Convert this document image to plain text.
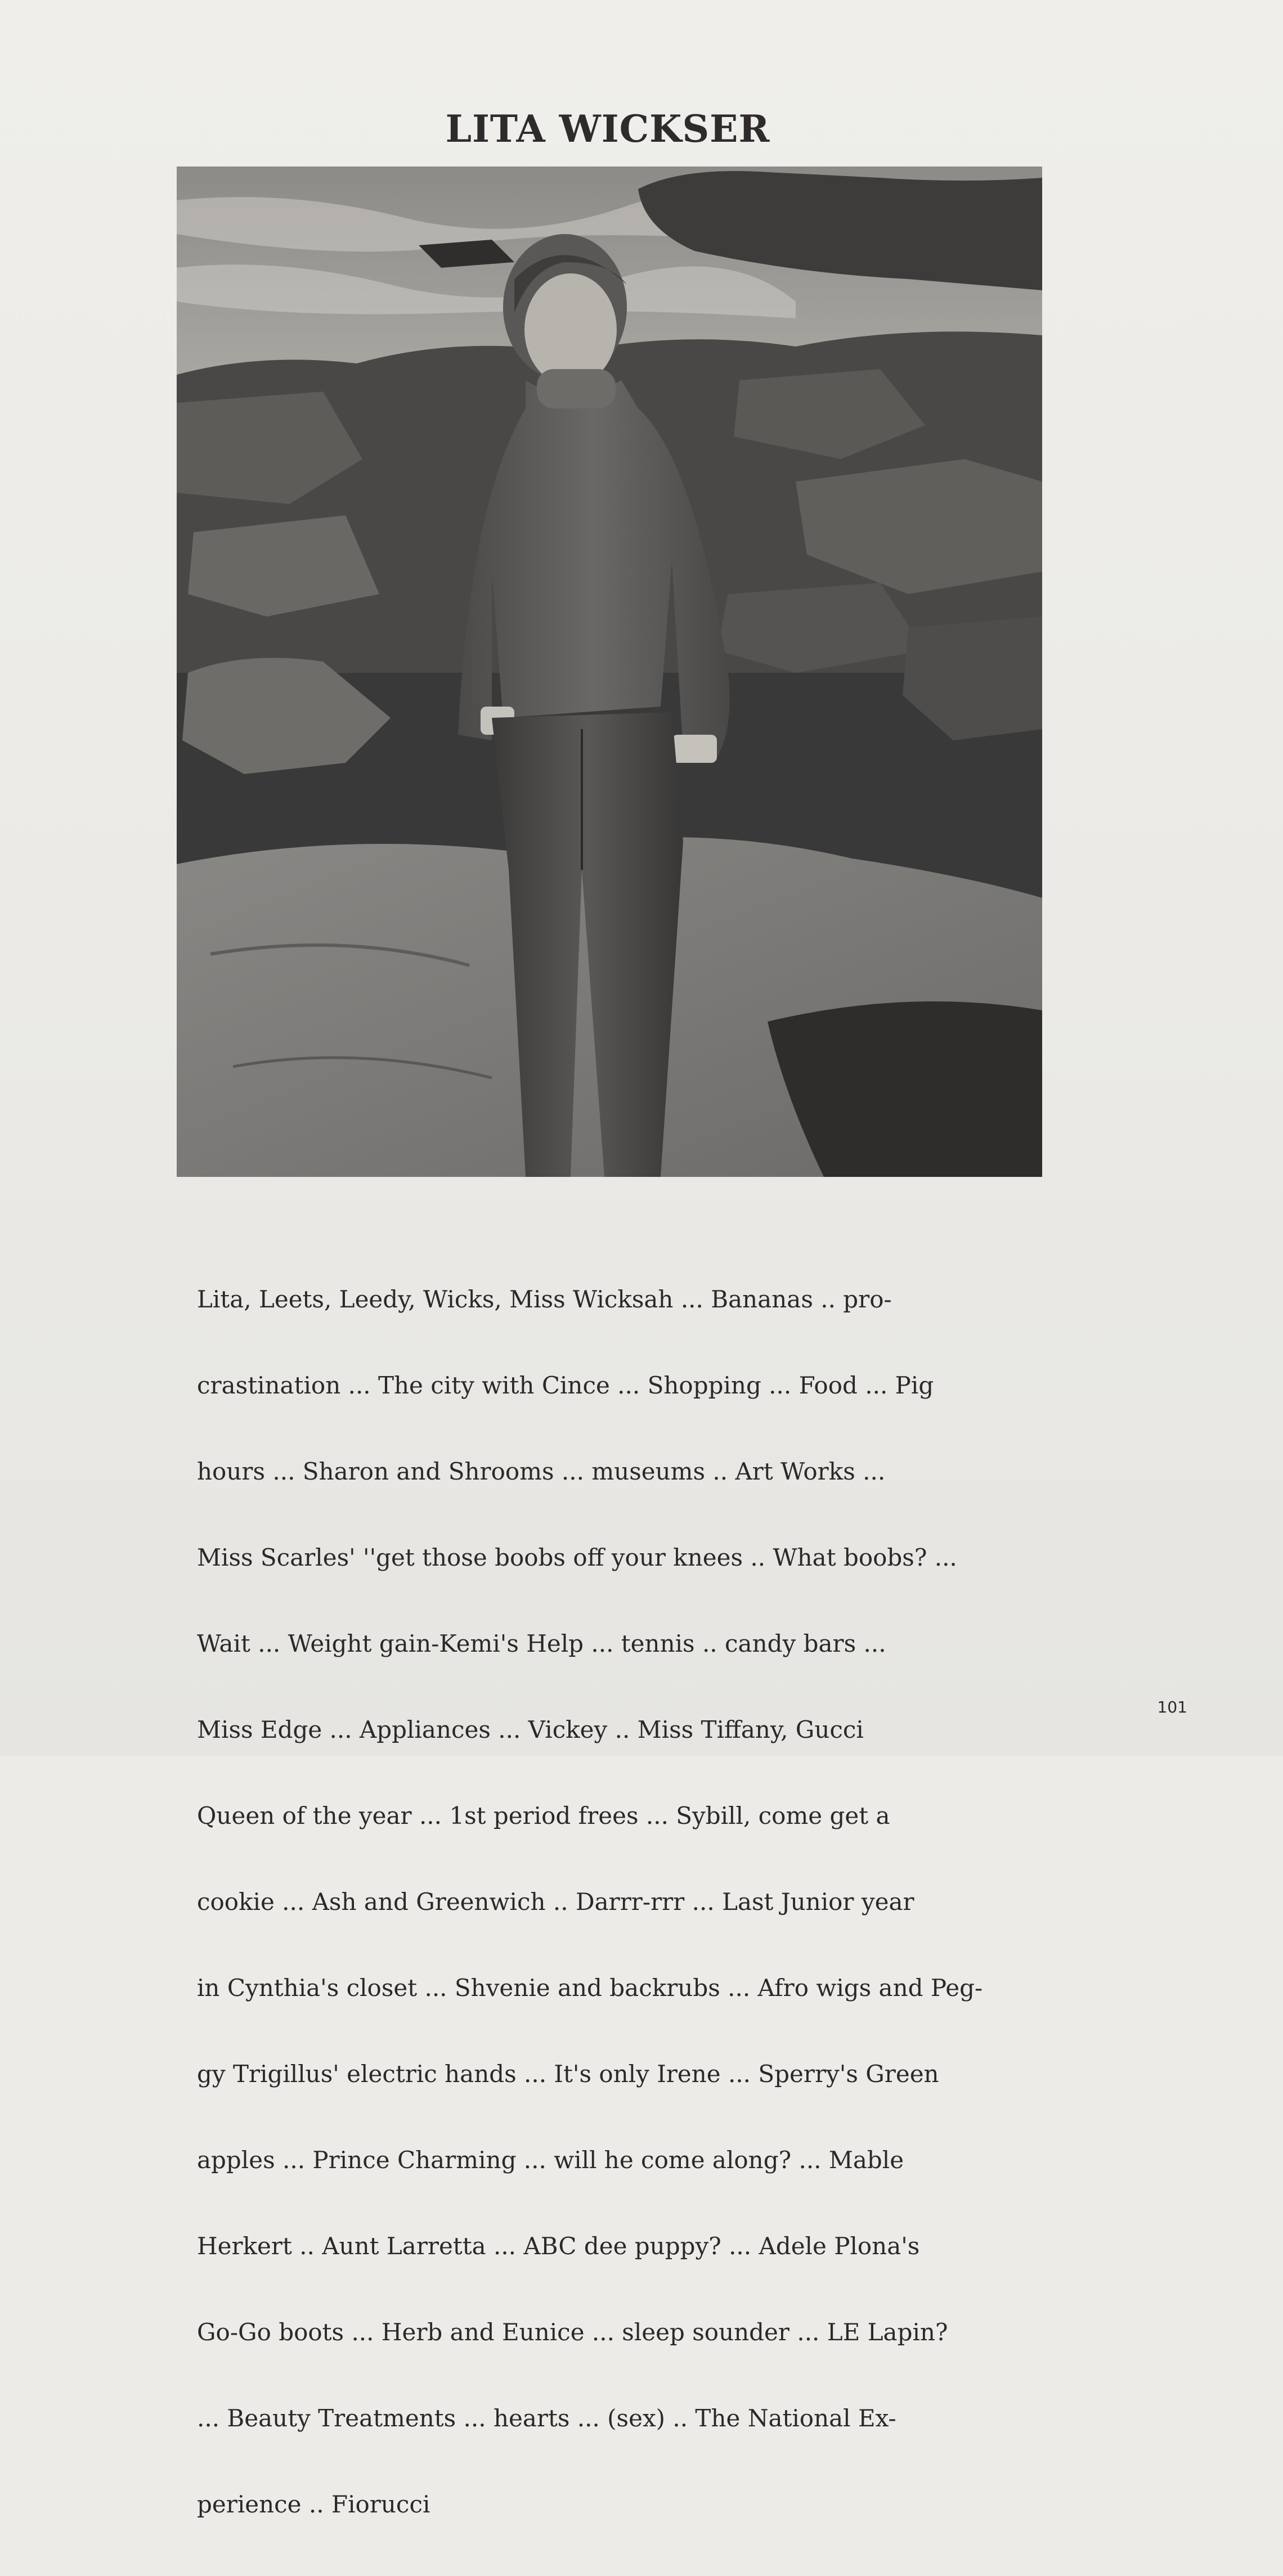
LITA WICKSER

Lita, Leets, Leedy, Wicks, Miss Wicksah ... Bananas .. pro-

crastination ... The city with Cince ... Shopping ... Food ... Pig

hours ... Sharon and Shrooms ... museums .. Art Works ...

Miss Scarles' ''get those boobs off your knees .. What boobs? ...

Wait ... Weight gain-Kemi's Help ... tennis .. candy bars ...

Miss Edge ... Appliances ... Vickey .. Miss Tiffany, Gucci

Queen of the year ... 1st period frees ... Sybill, come get a

cookie ... Ash and Greenwich .. Darrr-rrr ... Last Junior year

in Cynthia's closet ... Shvenie and backrubs ... Afro wigs and Peg-

gy Trigillus' electric hands ... It's only Irene ... Sperry's Green

apples ... Prince Charming ... will he come along? ... Mable

Herkert .. Aunt Larretta ... ABC dee puppy? ... Adele Plona's

Go-Go boots ... Herb and Eunice ... sleep sounder ... LE Lapin?

... Beauty Treatments ... hearts ... (sex) .. The National Ex-

perience .. Fiorucci

101
